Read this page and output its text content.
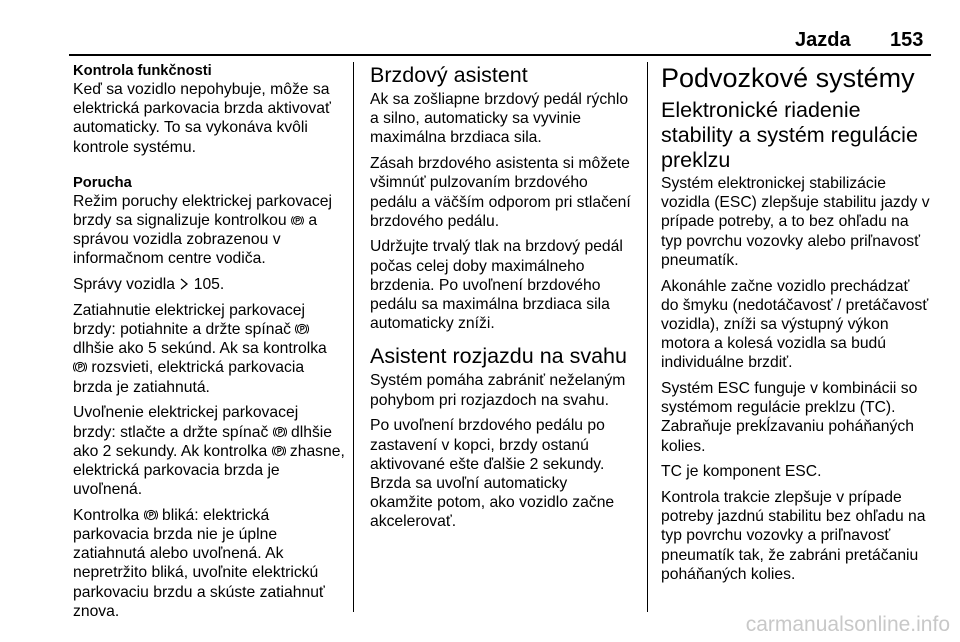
Jazda 153
Kontrola funkčnosti

Keď sa vozidlo nepohybuje, môže sa elektrická parkovacia brzda aktivovať automaticky. To sa vykonáva kvôli kontrole systému.

Porucha

Režim poruchy elektrickej parkovacej brzdy sa signalizuje kontrolkou a správou vozidla zobrazenou v informačnom centre vodiča.

Správy vozidla 105.

Zatiahnutie elektrickej parkovacej brzdy: potiahnite a držte spínač
dlhšie ako 5 sekúnd. Ak sa kontrolka
rozsvieti, elektrická parkovacia brzda je zatiahnutá.

Uvoľnenie elektrickej parkovacej brzdy: stlačte a držte spínač dlhšie ako 2 sekundy. Ak kontrolka zhasne, elektrická parkovacia brzda je uvoľnená.

Kontrolka bliká: elektrická parkovacia brzda nie je úplne zatiahnutá alebo uvoľnená. Ak nepretržito bliká, uvoľnite elektrickú parkovaciu brzdu a skúste zatiahnuť znova.

Brzdový asistent

Ak sa zošliapne brzdový pedál rýchlo a silno, automaticky sa vyvinie maximálna brzdiaca sila.

Zásah brzdového asistenta si môžete všimnúť pulzovaním brzdového pedálu a väčším odporom pri stlačení brzdového pedálu.

Udržujte trvalý tlak na brzdový pedál počas celej doby maximálneho brzdenia. Po uvoľnení brzdového pedálu sa maximálna brzdiaca sila automaticky zníži.

Asistent rozjazdu na svahu

Systém pomáha zabrániť neželaným pohybom pri rozjazdoch na svahu.

Po uvoľnení brzdového pedálu po zastavení v kopci, brzdy ostanú aktivované ešte ďalšie 2 sekundy. Brzda sa uvoľní automaticky okamžite potom, ako vozidlo začne akcelerovať.

Podvozkové systémy
Elektronické riadenie stability a systém regulácie preklzu

Systém elektronickej stabilizácie vozidla (ESC) zlepšuje stabilitu jazdy v prípade potreby, a to bez ohľadu na typ povrchu vozovky alebo priľnavosť pneumatík.

Akonáhle začne vozidlo prechádzať do šmyku (nedotáčavosť / pretáčavosť vozidla), zníži sa výstupný výkon motora a kolesá vozidla sa budú individuálne brzdiť.

Systém ESC funguje v kombinácii so systémom regulácie preklzu (TC). Zabraňuje prekĺzavaniu poháňaných kolies.

TC je komponent ESC.

Kontrola trakcie zlepšuje v prípade potreby jazdnú stabilitu bez ohľadu na typ povrchu vozovky a priľnavosť pneumatík tak, že zabráni pretáčaniu poháňaných kolies.

carmanualsonline.info
